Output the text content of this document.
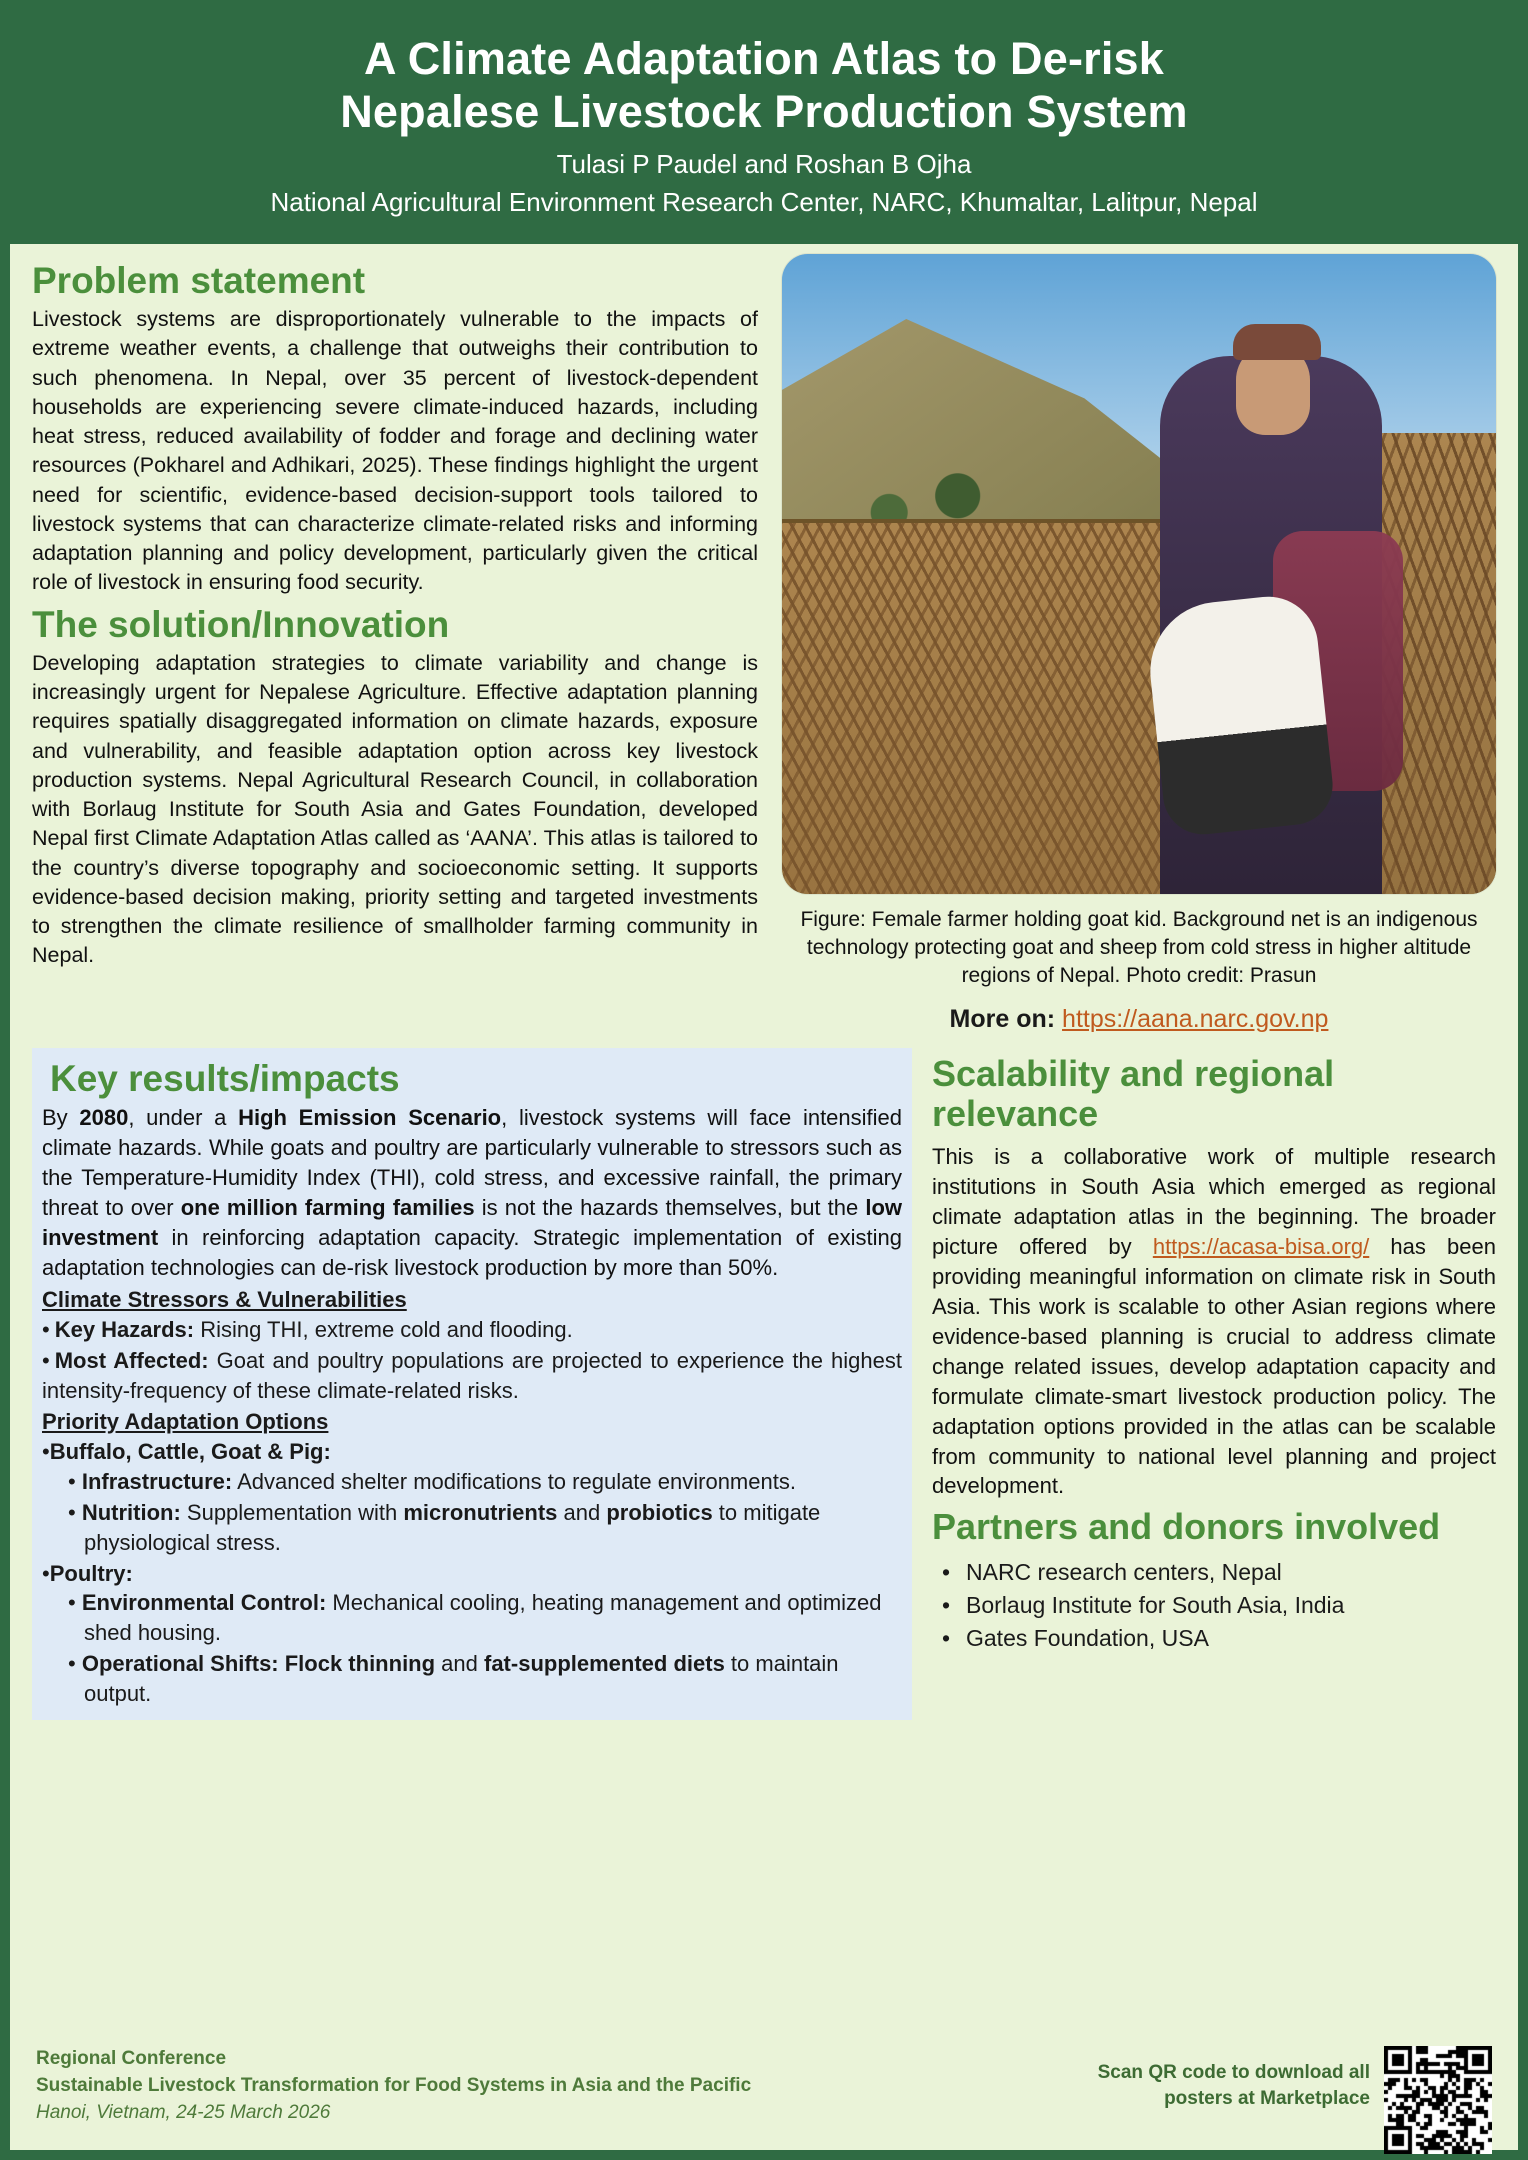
A Climate Adaptation Atlas to De-risk
Nepalese Livestock Production System
Tulasi P Paudel and Roshan B Ojha
National Agricultural Environment Research Center, NARC, Khumaltar, Lalitpur, Nepal
Problem statement

Livestock systems are disproportionately vulnerable to the impacts of extreme weather events, a challenge that outweighs their contribution to such phenomena. In Nepal, over 35 percent of livestock-dependent households are experiencing severe climate-induced hazards, including heat stress, reduced availability of fodder and forage and declining water resources (Pokharel and Adhikari, 2025). These findings highlight the urgent need for scientific, evidence-based decision-support tools tailored to livestock systems that can characterize climate-related risks and informing adaptation planning and policy development, particularly given the critical role of livestock in ensuring food security.

The solution/Innovation

Developing adaptation strategies to climate variability and change is increasingly urgent for Nepalese Agriculture. Effective adaptation planning requires spatially disaggregated information on climate hazards, exposure and vulnerability, and feasible adaptation option across key livestock production systems. Nepal Agricultural Research Council, in collaboration with Borlaug Institute for South Asia and Gates Foundation, developed Nepal first Climate Adaptation Atlas called as ‘AANA’. This atlas is tailored to the country’s diverse topography and socioeconomic setting. It supports evidence-based decision making, priority setting and targeted investments to strengthen the climate resilience of smallholder farming community in Nepal.

Figure: Female farmer holding goat kid. Background net is an indigenous technology protecting goat and sheep from cold stress in higher altitude regions of Nepal. Photo credit: Prasun
More on: https://aana.narc.gov.np
Key results/impacts

By 2080, under a High Emission Scenario, livestock systems will face intensified climate hazards. While goats and poultry are particularly vulnerable to stressors such as the Temperature-Humidity Index (THI), cold stress, and excessive rainfall, the primary threat to over one million farming families is not the hazards themselves, but the low investment in reinforcing adaptation capacity. Strategic implementation of existing adaptation technologies can de-risk livestock production by more than 50%.

Climate Stressors & Vulnerabilities
• Key Hazards: Rising THI, extreme cold and flooding.
• Most Affected: Goat and poultry populations are projected to experience the highest intensity-frequency of these climate-related risks.
Priority Adaptation Options
•Buffalo, Cattle, Goat & Pig:
• Infrastructure: Advanced shelter modifications to regulate environments.
• Nutrition: Supplementation with micronutrients and probiotics to mitigate physiological stress.
•Poultry:
• Environmental Control: Mechanical cooling, heating management and optimized shed housing.
• Operational Shifts: Flock thinning and fat-supplemented diets to maintain output.
Scalability and regional relevance

This is a collaborative work of multiple research institutions in South Asia which emerged as regional climate adaptation atlas in the beginning. The broader picture offered by https://acasa-bisa.org/ has been providing meaningful information on climate risk in South Asia. This work is scalable to other Asian regions where evidence-based planning is crucial to address climate change related issues, develop adaptation capacity and formulate climate-smart livestock production policy. The adaptation options provided in the atlas can be scalable from community to national level planning and project development.

Partners and donors involved
• NARC research centers, Nepal
• Borlaug Institute for South Asia, India
• Gates Foundation, USA
Regional Conference
Sustainable Livestock Transformation for Food Systems in Asia and the Pacific
Hanoi, Vietnam, 24-25 March 2026
Scan QR code to download all
posters at Marketplace
